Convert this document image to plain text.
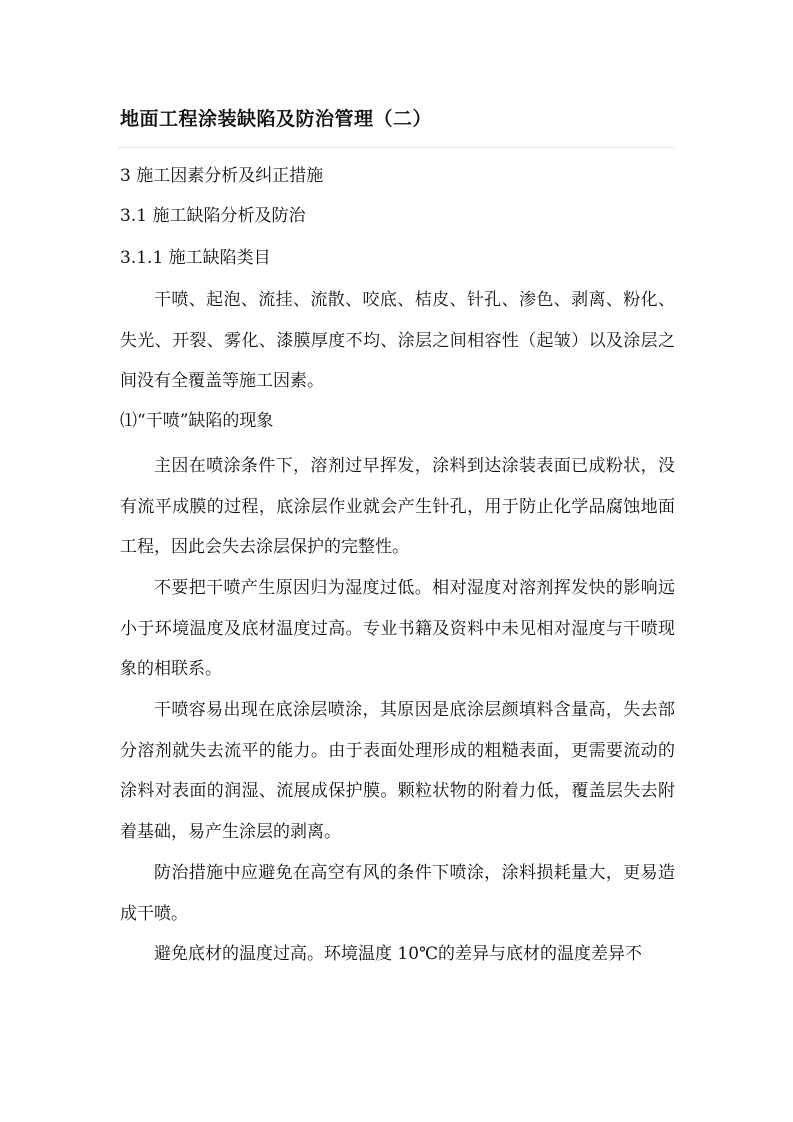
地面工程涂装缺陷及防治管理（二）
3 施工因素分析及纠正措施
3.1 施工缺陷分析及防治
3.1.1 施工缺陷类目
干喷、起泡、流挂、流散、咬底、桔皮、针孔、渗色、剥离、粉化、失光、开裂、雾化、漆膜厚度不均、涂层之间相容性（起皱）以及涂层之间没有全覆盖等施工因素。
⑴“干喷”缺陷的现象
主因在喷涂条件下，溶剂过早挥发，涂料到达涂装表面已成粉状，没有流平成膜的过程，底涂层作业就会产生针孔，用于防止化学品腐蚀地面工程，因此会失去涂层保护的完整性。
不要把干喷产生原因归为湿度过低。相对湿度对溶剂挥发快的影响远小于环境温度及底材温度过高。专业书籍及资料中未见相对湿度与干喷现象的相联系。
干喷容易出现在底涂层喷涂，其原因是底涂层颜填料含量高，失去部分溶剂就失去流平的能力。由于表面处理形成的粗糙表面，更需要流动的涂料对表面的润湿、流展成保护膜。颗粒状物的附着力低，覆盖层失去附着基础，易产生涂层的剥离。
防治措施中应避免在高空有风的条件下喷涂，涂料损耗量大，更易造成干喷。
避免底材的温度过高。环境温度 10℃的差异与底材的温度差异不
